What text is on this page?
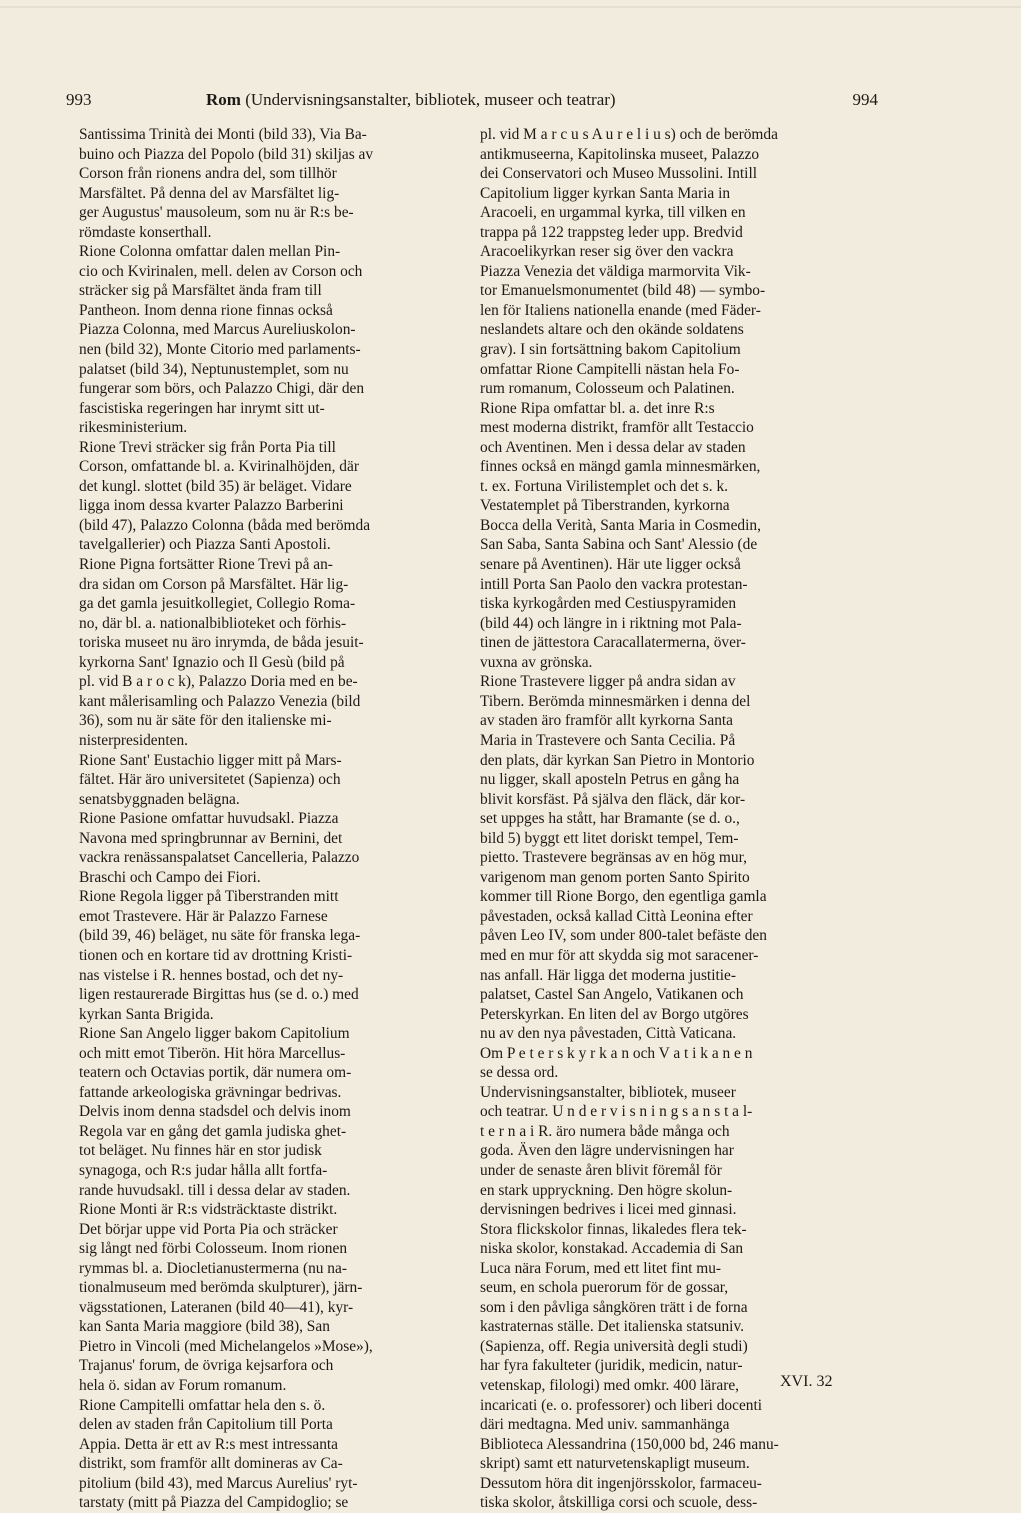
993	Rom (Undervisningsanstalter, bibliotek, museer och teatrar)	994
Santissima Trinità dei Monti (bild 33), Via Ba-
buino och Piazza del Popolo (bild 31) skiljas av
Corson från rionens andra del, som tillhör
Marsfältet. På denna del av Marsfältet lig-
ger Augustus' mausoleum, som nu är R:s be-
römdaste konserthall.
Rione Colonna omfattar dalen mellan Pin-
cio och Kvirinalen, mell. delen av Corson och
sträcker sig på Marsfältet ända fram till
Pantheon. Inom denna rione finnas också
Piazza Colonna, med Marcus Aureliuskolon-
nen (bild 32), Monte Citorio med parlaments-
palatset (bild 34), Neptunustemplet, som nu
fungerar som börs, och Palazzo Chigi, där den
fascistiska regeringen har inrymt sitt ut-
rikesministerium.
Rione Trevi sträcker sig från Porta Pia till
Corson, omfattande bl. a. Kvirinalhöjden, där
det kungl. slottet (bild 35) är beläget. Vidare
ligga inom dessa kvarter Palazzo Barberini
(bild 47), Palazzo Colonna (båda med berömda
tavelgallerier) och Piazza Santi Apostoli.
Rione Pigna fortsätter Rione Trevi på an-
dra sidan om Corson på Marsfältet. Här lig-
ga det gamla jesuitkollegiet, Collegio Roma-
no, där bl. a. nationalbiblioteket och förhis-
toriska museet nu äro inrymda, de båda jesuit-
kyrkorna Sant' Ignazio och Il Gesù (bild på
pl. vid B a r o c k), Palazzo Doria med en be-
kant målerisamling och Palazzo Venezia (bild
36), som nu är säte för den italienske mi-
nisterpresidenten.
Rione Sant' Eustachio ligger mitt på Mars-
fältet. Här äro universitetet (Sapienza) och
senatsbyggnaden belägna.
Rione Pasione omfattar huvudsakl. Piazza
Navona med springbrunnar av Bernini, det
vackra renässanspalatset Cancelleria, Palazzo
Braschi och Campo dei Fiori.
Rione Regola ligger på Tiberstranden mitt
emot Trastevere. Här är Palazzo Farnese
(bild 39, 46) beläget, nu säte för franska lega-
tionen och en kortare tid av drottning Kristi-
nas vistelse i R. hennes bostad, och det ny-
ligen restaurerade Birgittas hus (se d. o.) med
kyrkan Santa Brigida.
Rione San Angelo ligger bakom Capitolium
och mitt emot Tiberön. Hit höra Marcellus-
teatern och Octavias portik, där numera om-
fattande arkeologiska grävningar bedrivas.
Delvis inom denna stadsdel och delvis inom
Regola var en gång det gamla judiska ghet-
tot beläget. Nu finnes här en stor judisk
synagoga, och R:s judar hålla allt fortfa-
rande huvudsakl. till i dessa delar av staden.
Rione Monti är R:s vidsträcktaste distrikt.
Det börjar uppe vid Porta Pia och sträcker
sig långt ned förbi Colosseum. Inom rionen
rymmas bl. a. Diocletianustermerna (nu na-
tionalmuseum med berömda skulpturer), järn-
vägsstationen, Lateranen (bild 40—41), kyr-
kan Santa Maria maggiore (bild 38), San
Pietro in Vincoli (med Michelangelos »Mose»),
Trajanus' forum, de övriga kejsarfora och
hela ö. sidan av Forum romanum.
Rione Campitelli omfattar hela den s. ö.
delen av staden från Capitolium till Porta
Appia. Detta är ett av R:s mest intressanta
distrikt, som framför allt domineras av Ca-
pitolium (bild 43), med Marcus Aurelius' ryt-
tarstaty (mitt på Piazza del Campidoglio; se
pl. vid M a r c u s A u r e l i u s) och de berömda
antikmuseerna, Kapitolinska museet, Palazzo
dei Conservatori och Museo Mussolini. Intill
Capitolium ligger kyrkan Santa Maria in
Aracoeli, en urgammal kyrka, till vilken en
trappa på 122 trappsteg leder upp. Bredvid
Aracoelikyrkan reser sig över den vackra
Piazza Venezia det väldiga marmorvita Vik-
tor Emanuelsmonumentet (bild 48) — symbo-
len för Italiens nationella enande (med Fäder-
neslandets altare och den okände soldatens
grav). I sin fortsättning bakom Capitolium
omfattar Rione Campitelli nästan hela Fo-
rum romanum, Colosseum och Palatinen.
Rione Ripa omfattar bl. a. det inre R:s
mest moderna distrikt, framför allt Testaccio
och Aventinen. Men i dessa delar av staden
finnes också en mängd gamla minnesmärken,
t. ex. Fortuna Virilistemplet och det s. k.
Vestatemplet på Tiberstranden, kyrkorna
Bocca della Verità, Santa Maria in Cosmedin,
San Saba, Santa Sabina och Sant' Alessio (de
senare på Aventinen). Här ute ligger också
intill Porta San Paolo den vackra protestan-
tiska kyrkogården med Cestiuspyramiden
(bild 44) och längre in i riktning mot Pala-
tinen de jättestora Caracallatermerna, över-
vuxna av grönska.
Rione Trastevere ligger på andra sidan av
Tibern. Berömda minnesmärken i denna del
av staden äro framför allt kyrkorna Santa
Maria in Trastevere och Santa Cecilia. På
den plats, där kyrkan San Pietro in Montorio
nu ligger, skall aposteln Petrus en gång ha
blivit korsfäst. På själva den fläck, där kor-
set uppges ha stått, har Bramante (se d. o.,
bild 5) byggt ett litet doriskt tempel, Tem-
pietto. Trastevere begränsas av en hög mur,
varigenom man genom porten Santo Spirito
kommer till Rione Borgo, den egentliga gamla
påvestaden, också kallad Città Leonina efter
påven Leo IV, som under 800-talet befäste den
med en mur för att skydda sig mot saracener-
nas anfall. Här ligga det moderna justitie-
palatset, Castel San Angelo, Vatikanen och
Peterskyrkan. En liten del av Borgo utgöres
nu av den nya påvestaden, Città Vaticana.
Om P e t e r s k y r k a n och V a t i k a n e n
se dessa ord.
Undervisningsanstalter, bibliotek, museer
och teatrar. U n d e r v i s n i n g s a n s t a l-
t e r n a i R. äro numera både många och
goda. Även den lägre undervisningen har
under de senaste åren blivit föremål för
en stark uppryckning. Den högre skolun-
dervisningen bedrives i licei med ginnasi.
Stora flickskolor finnas, likaledes flera tek-
niska skolor, konstakad. Accademia di San
Luca nära Forum, med ett litet fint mu-
seum, en schola puerorum för de gossar,
som i den påvliga sångkören trätt i de forna
kastraternas ställe. Det italienska statsuniv.
(Sapienza, off. Regia università degli studi)
har fyra fakulteter (juridik, medicin, natur-
vetenskap, filologi) med omkr. 400 lärare,
incaricati (e. o. professorer) och liberi docenti
däri medtagna. Med univ. sammanhänga
Biblioteca Alessandrina (150,000 bd, 246 manu-
skript) samt ett naturvetenskapligt museum.
Dessutom höra dit ingenjörsskolor, farmaceu-
tiska skolor, åtskilliga corsi och scuole, dess-
XVI. 32
